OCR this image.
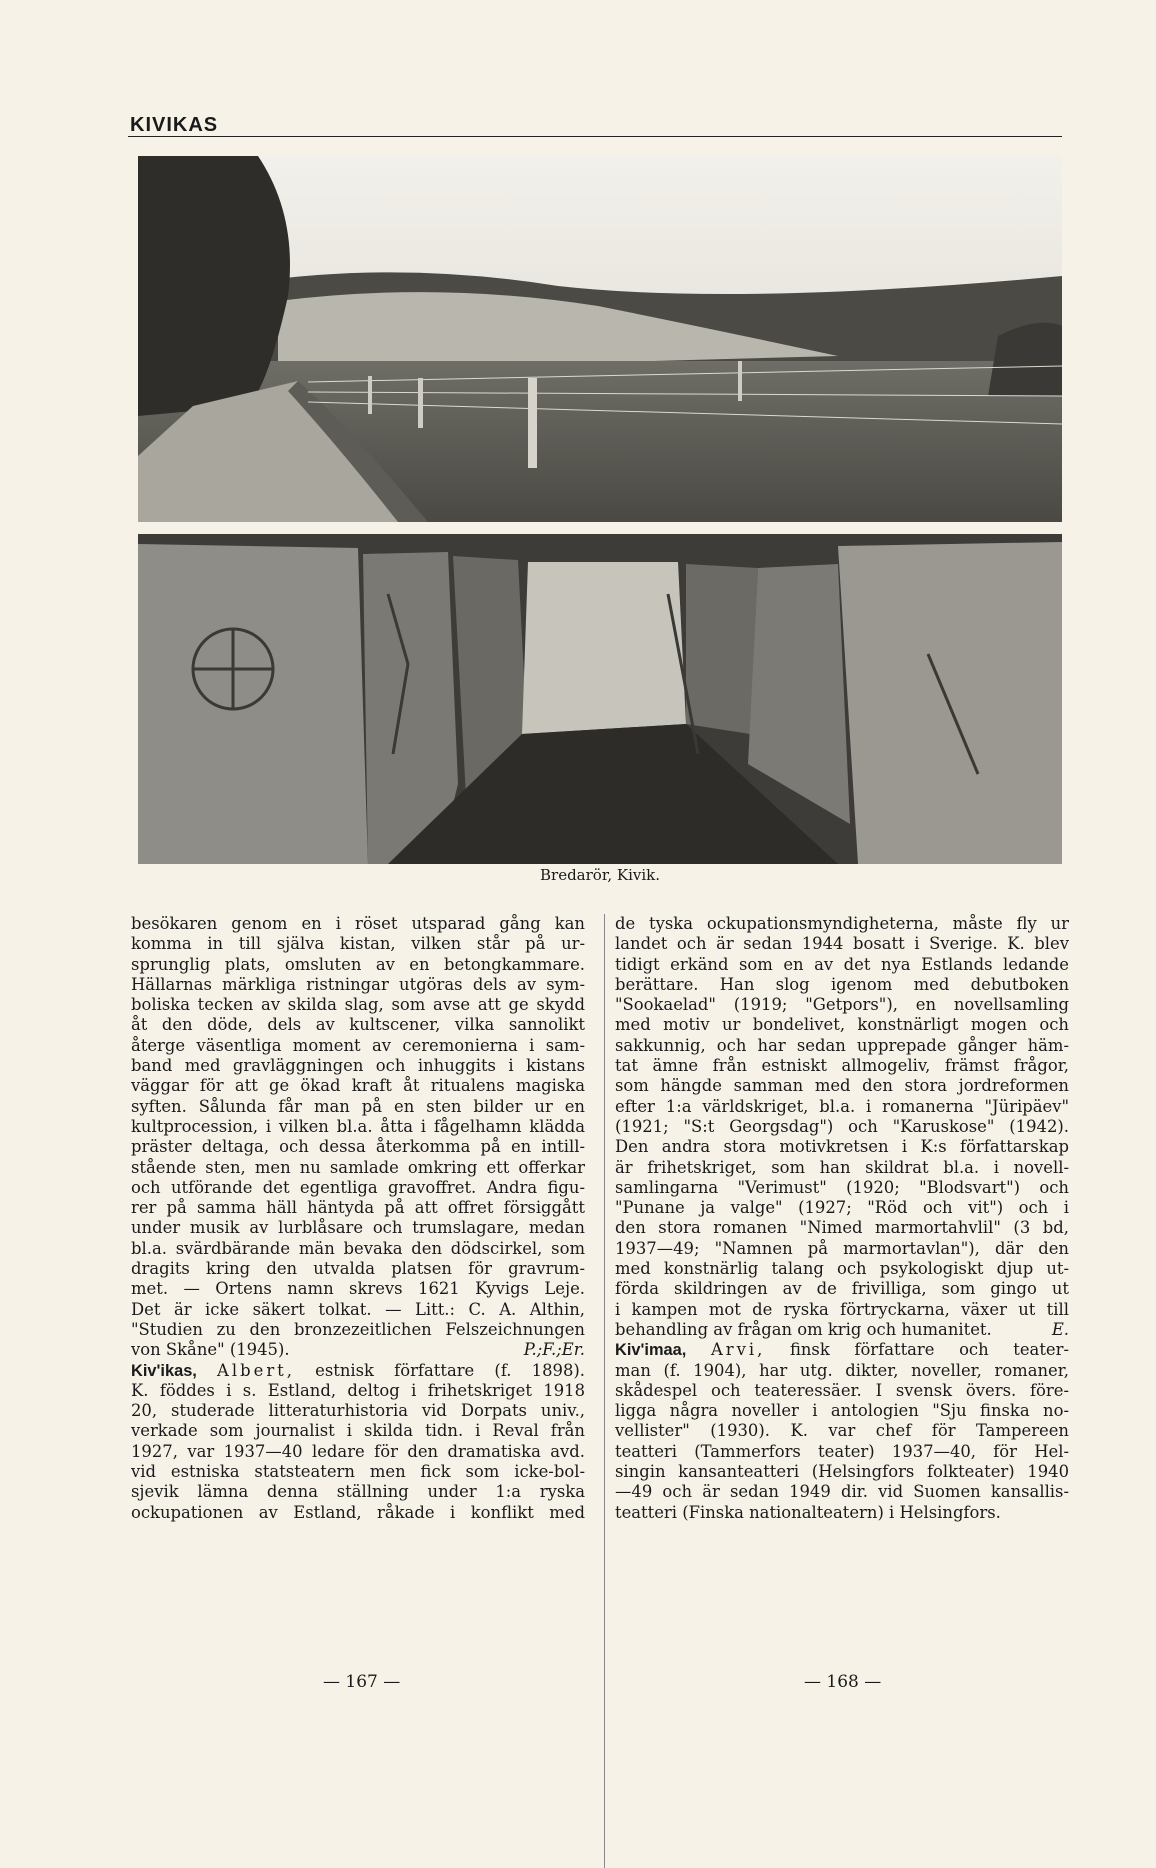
KIVIKAS
Bredarör, Kivik.

besökaren genom en i röset utsparad gång kan

komma in till själva kistan, vilken står på ur-

sprunglig plats, omsluten av en betongkammare.

Hällarnas märkliga ristningar utgöras dels av sym-

boliska tecken av skilda slag, som avse att ge skydd

åt den döde, dels av kultscener, vilka sannolikt

återge väsentliga moment av ceremonierna i sam-

band med gravläggningen och inhuggits i kistans

väggar för att ge ökad kraft åt ritualens magiska

syften. Sålunda får man på en sten bilder ur en

kultprocession, i vilken bl.a. åtta i fågelhamn klädda

präster deltaga, och dessa återkomma på en intill-

stående sten, men nu samlade omkring ett offerkar

och utförande det egentliga gravoffret. Andra figu-

rer på samma häll häntyda på att offret försiggått

under musik av lurblåsare och trumslagare, medan

bl.a. svärdbärande män bevaka den dödscirkel, som

dragits kring den utvalda platsen för gravrum-

met. — Ortens namn skrevs 1621 Kyvigs Leje.

Det är icke säkert tolkat. — Litt.: C. A. Althin,

"Studien zu den bronzezeitlichen Felszeichnungen

von Skåne" (1945).	P.;F.;Er.

Kiv'ikas, Albert, estnisk författare (f. 1898).

K. föddes i s. Estland, deltog i frihetskriget 1918

20, studerade litteraturhistoria vid Dorpats univ.,

verkade som journalist i skilda tidn. i Reval från

1927, var 1937—40 ledare för den dramatiska avd.

vid estniska statsteatern men fick som icke-bol-

sjevik lämna denna ställning under 1:a ryska

ockupationen av Estland, råkade i konflikt med

de tyska ockupationsmyndigheterna, måste fly ur

landet och är sedan 1944 bosatt i Sverige. K. blev

tidigt erkänd som en av det nya Estlands ledande

berättare. Han slog igenom med debutboken

"Sookaelad" (1919; "Getpors"), en novellsamling

med motiv ur bondelivet, konstnärligt mogen och

sakkunnig, och har sedan upprepade gånger häm-

tat ämne från estniskt allmogeliv, främst frågor,

som hängde samman med den stora jordreformen

efter 1:a världskriget, bl.a. i romanerna "Jüripäev"

(1921; "S:t Georgsdag") och "Karuskose" (1942).

Den andra stora motivkretsen i K:s författarskap

är frihetskriget, som han skildrat bl.a. i novell-

samlingarna "Verimust" (1920; "Blodsvart") och

"Punane ja valge" (1927; "Röd och vit") och i

den stora romanen "Nimed marmortahvlil" (3 bd,

1937—49; "Namnen på marmortavlan"), där den

med konstnärlig talang och psykologiskt djup ut-

förda skildringen av de frivilliga, som gingo ut

i kampen mot de ryska förtryckarna, växer ut till

behandling av frågan om krig och humanitet.	E.

Kiv'imaa, Arvi, finsk författare och teater-

man (f. 1904), har utg. dikter, noveller, romaner,

skådespel och teateressäer. I svensk övers. före-

ligga några noveller i antologien "Sju finska no-

vellister" (1930). K. var chef för Tampereen

teatteri (Tammerfors teater) 1937—40, för Hel-

singin kansanteatteri (Helsingfors folkteater) 1940

—49 och är sedan 1949 dir. vid Suomen kansallis-

teatteri (Finska nationalteatern) i Helsingfors.

— 167 —	— 168 —
